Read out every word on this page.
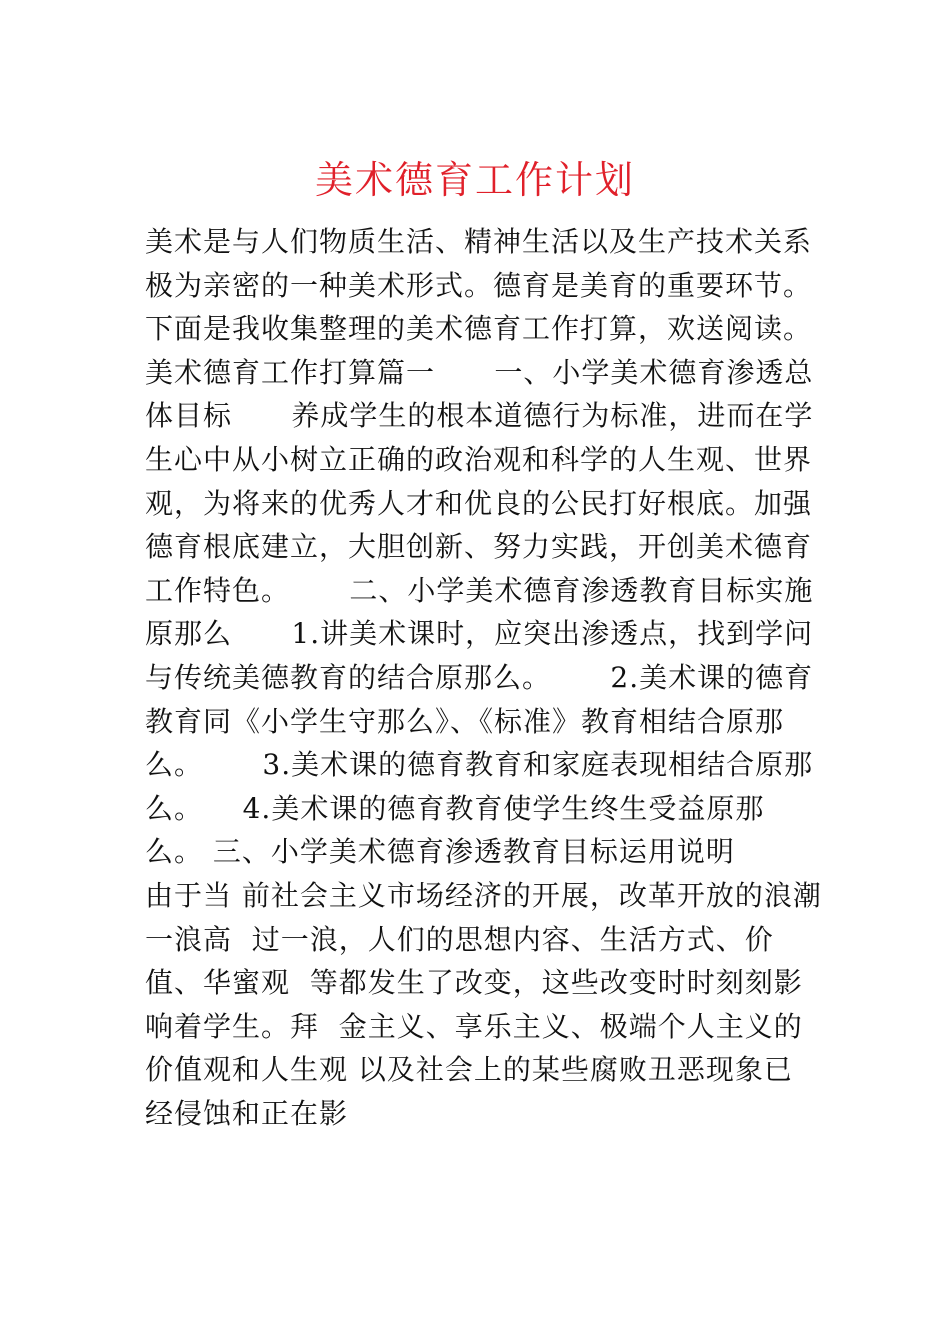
美术德育工作计划
美术是与人们物质生活、精神生活以及生产技术关系
极为亲密的一种美术形式。德育是美育的重要环节。
下面是我收集整理的美术德育工作打算，欢送阅读。
美术德育工作打算篇一      一、小学美术德育渗透总
体目标      养成学生的根本道德行为标准，进而在学
生心中从小树立正确的政治观和科学的人生观、世界
观，为将来的优秀人才和优良的公民打好根底。加强
德育根底建立，大胆创新、努力实践，开创美术德育
工作特色。      二、小学美术德育渗透教育目标实施
原那么      1.讲美术课时，应突出渗透点，找到学问
与传统美德教育的结合原那么。      2.美术课的德育
教育同《小学生守那么》、《标准》教育相结合原那
么。      3.美术课的德育教育和家庭表现相结合原那
么。    4.美术课的德育教育使学生终生受益原那
么。 三、小学美术德育渗透教育目标运用说明
由于当 前社会主义市场经济的开展，改革开放的浪潮
一浪高  过一浪，人们的思想内容、生活方式、价
值、华蜜观  等都发生了改变，这些改变时时刻刻影
响着学生。拜  金主义、享乐主义、极端个人主义的
价值观和人生观 以及社会上的某些腐败丑恶现象已
经侵蚀和正在影
